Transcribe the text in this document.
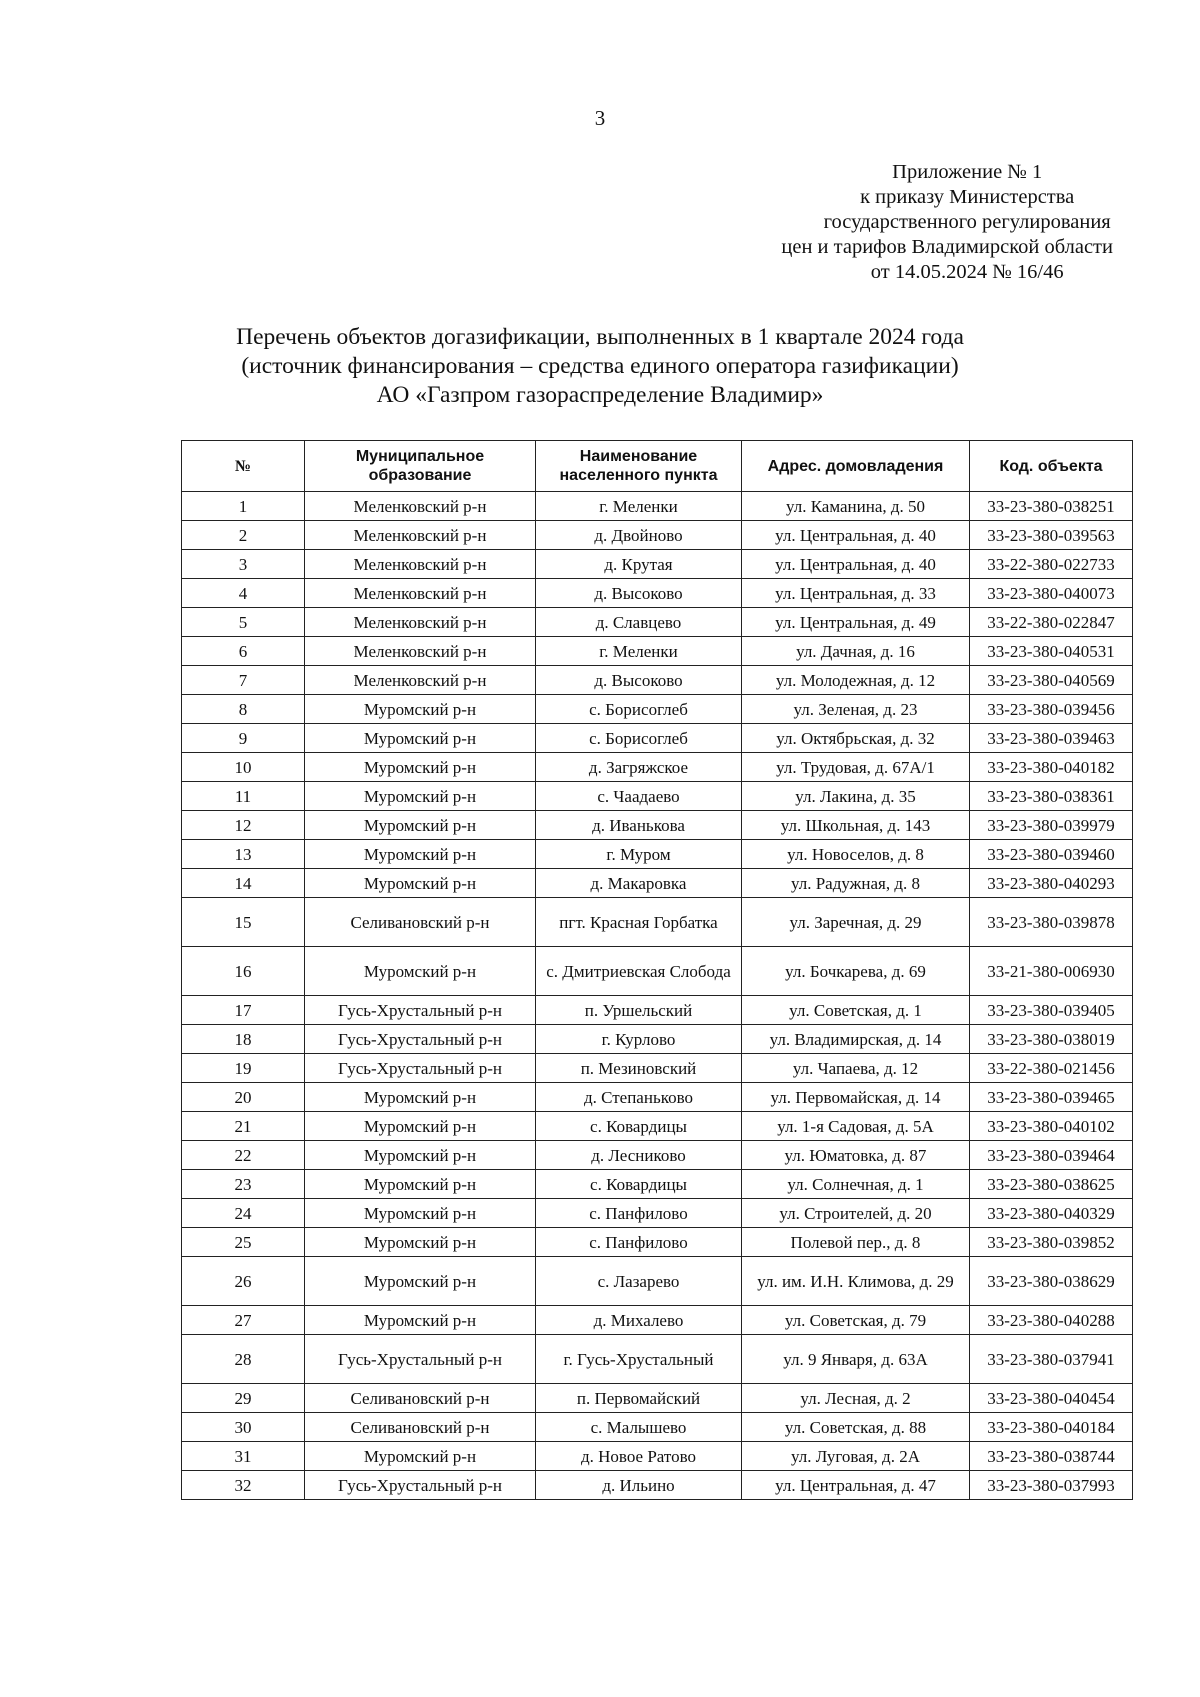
3
Приложение № 1
к приказу Министерства
государственного регулирования
цен и тарифов Владимирской области
от 14.05.2024 № 16/46
Перечень объектов догазификации, выполненных в 1 квартале 2024 года
(источник финансирования – средства единого оператора газификации)
АО «Газпром газораспределение Владимир»
№	Муниципальное образование	Наименование населенного пункта	Адрес. домовладения	Код. объекта
1	Меленковский р-н	г. Меленки	ул. Каманина, д. 50	33-23-380-038251
2	Меленковский р-н	д. Двойново	ул. Центральная, д. 40	33-23-380-039563
3	Меленковский р-н	д. Крутая	ул. Центральная, д. 40	33-22-380-022733
4	Меленковский р-н	д. Высоково	ул. Центральная, д. 33	33-23-380-040073
5	Меленковский р-н	д. Славцево	ул. Центральная, д. 49	33-22-380-022847
6	Меленковский р-н	г. Меленки	ул. Дачная, д. 16	33-23-380-040531
7	Меленковский р-н	д. Высоково	ул. Молодежная, д. 12	33-23-380-040569
8	Муромский р-н	с. Борисоглеб	ул. Зеленая, д. 23	33-23-380-039456
9	Муромский р-н	с. Борисоглеб	ул. Октябрьская, д. 32	33-23-380-039463
10	Муромский р-н	д. Загряжское	ул. Трудовая, д. 67А/1	33-23-380-040182
11	Муромский р-н	с. Чаадаево	ул. Лакина, д. 35	33-23-380-038361
12	Муромский р-н	д. Иванькова	ул. Школьная, д. 143	33-23-380-039979
13	Муромский р-н	г. Муром	ул. Новоселов, д. 8	33-23-380-039460
14	Муромский р-н	д. Макаровка	ул. Радужная, д. 8	33-23-380-040293
15	Селивановский р-н	пгт. Красная Горбатка	ул. Заречная, д. 29	33-23-380-039878
16	Муромский р-н	с. Дмитриевская Слобода	ул. Бочкарева, д. 69	33-21-380-006930
17	Гусь-Хрустальный р-н	п. Уршельский	ул. Советская, д. 1	33-23-380-039405
18	Гусь-Хрустальный р-н	г. Курлово	ул. Владимирская, д. 14	33-23-380-038019
19	Гусь-Хрустальный р-н	п. Мезиновский	ул. Чапаева, д. 12	33-22-380-021456
20	Муромский р-н	д. Степаньково	ул. Первомайская, д. 14	33-23-380-039465
21	Муромский р-н	с. Ковардицы	ул. 1-я Садовая, д. 5А	33-23-380-040102
22	Муромский р-н	д. Лесниково	ул. Юматовка, д. 87	33-23-380-039464
23	Муромский р-н	с. Ковардицы	ул. Солнечная, д. 1	33-23-380-038625
24	Муромский р-н	с. Панфилово	ул. Строителей, д. 20	33-23-380-040329
25	Муромский р-н	с. Панфилово	Полевой пер., д. 8	33-23-380-039852
26	Муромский р-н	с. Лазарево	ул. им. И.Н. Климова, д. 29	33-23-380-038629
27	Муромский р-н	д. Михалево	ул. Советская, д. 79	33-23-380-040288
28	Гусь-Хрустальный р-н	г. Гусь-Хрустальный	ул. 9 Января, д. 63А	33-23-380-037941
29	Селивановский р-н	п. Первомайский	ул. Лесная, д. 2	33-23-380-040454
30	Селивановский р-н	с. Малышево	ул. Советская, д. 88	33-23-380-040184
31	Муромский р-н	д. Новое Ратово	ул. Луговая, д. 2А	33-23-380-038744
32	Гусь-Хрустальный р-н	д. Ильино	ул. Центральная, д. 47	33-23-380-037993
